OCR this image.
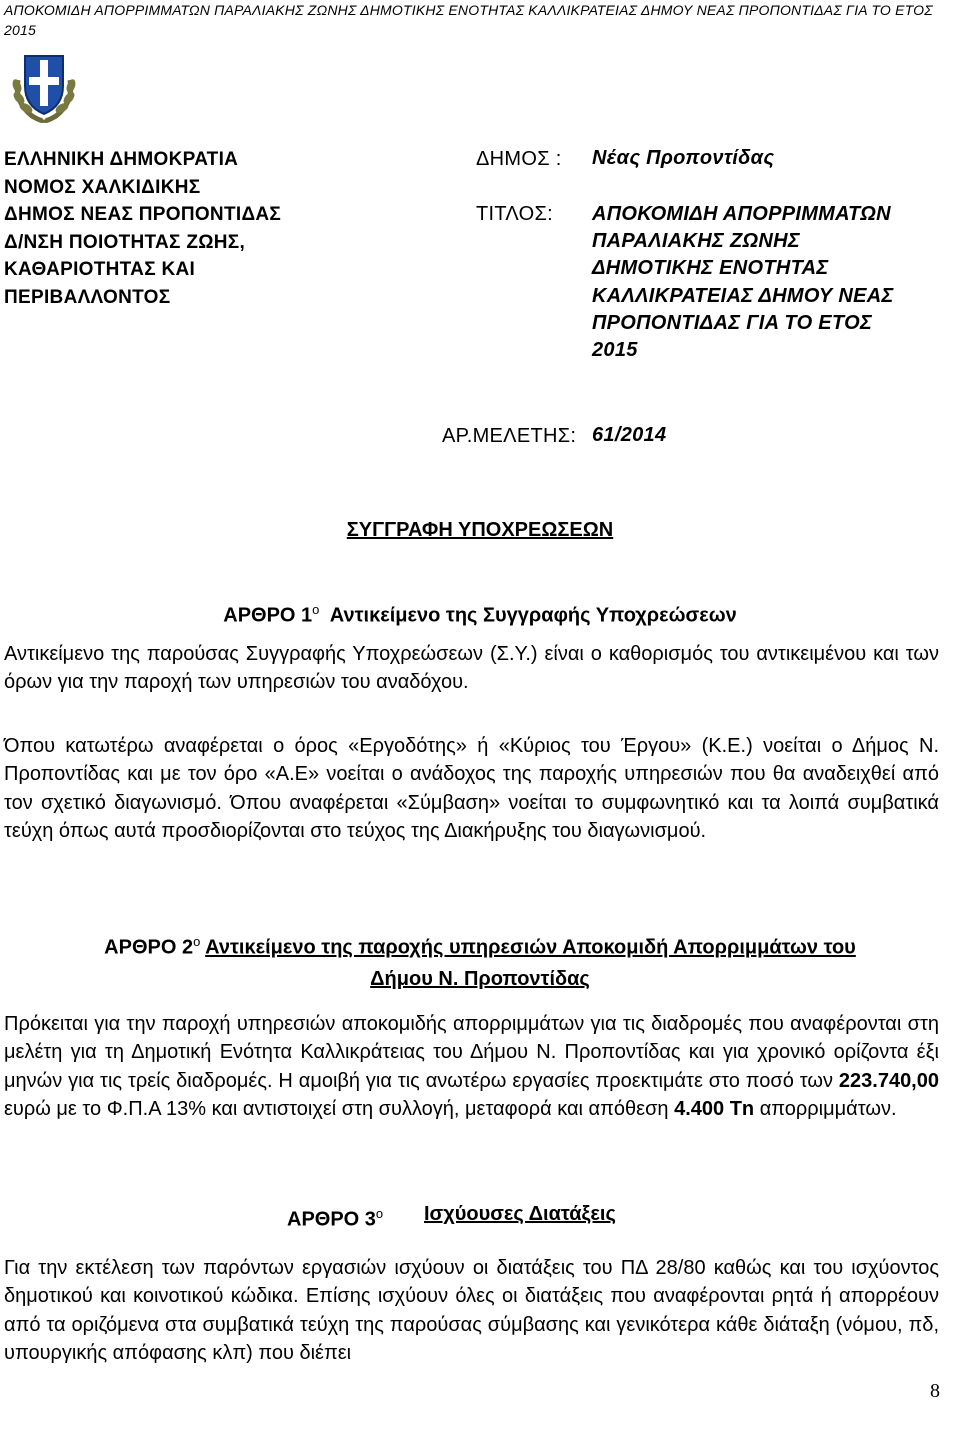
ΑΠΟΚΟΜΙΔΗ ΑΠΟΡΡΙΜΜΑΤΩΝ ΠΑΡΑΛΙΑΚΗΣ ΖΩΝΗΣ ΔΗΜΟΤΙΚΗΣ ΕΝΟΤΗΤΑΣ ΚΑΛΛΙΚΡΑΤΕΙΑΣ ΔΗΜΟΥ ΝΕΑΣ ΠΡΟΠΟΝΤΙΔΑΣ ΓΙΑ ΤΟ ΕΤΟΣ 2015
ΕΛΛΗΝΙΚΗ ΔΗΜΟΚΡΑΤΙΑ
ΝΟΜΟΣ ΧΑΛΚΙΔΙΚΗΣ
ΔΗΜΟΣ ΝΕΑΣ ΠΡΟΠΟΝΤΙΔΑΣ
Δ/ΝΣΗ ΠΟΙΟΤΗΤΑΣ ΖΩΗΣ,
ΚΑΘΑΡΙΟΤΗΤΑΣ ΚΑΙ
ΠΕΡΙΒΑΛΛΟΝΤΟΣ
ΔΗΜΟΣ : Νέας Προποντίδας
ΤΙΤΛΟΣ: ΑΠΟΚΟΜΙΔΗ ΑΠΟΡΡΙΜΜΑΤΩΝ
ΠΑΡΑΛΙΑΚΗΣ ΖΩΝΗΣ
ΔΗΜΟΤΙΚΗΣ ΕΝΟΤΗΤΑΣ
ΚΑΛΛΙΚΡΑΤΕΙΑΣ ΔΗΜΟΥ ΝΕΑΣ
ΠΡΟΠΟΝΤΙΔΑΣ ΓΙΑ ΤΟ ΕΤΟΣ
2015
ΑΡ.ΜΕΛΕΤΗΣ: 61/2014
ΣΥΓΓΡΑΦΗ ΥΠΟΧΡΕΩΣΕΩΝ
ΑΡΘΡΟ $1^o$ Αντικείμενο της Συγγραφής Υποχρεώσεων

Αντικείμενο της παρούσας Συγγραφής Υποχρεώσεων (Σ.Υ.) είναι ο καθορισμός του αντικειμένου και των όρων για την παροχή των υπηρεσιών του αναδόχου.

Όπου κατωτέρω αναφέρεται ο όρος «Εργοδότης» ή «Κύριος του Έργου» (Κ.Ε.) νοείται ο Δήμος Ν. Προποντίδας και με τον όρο «Α.Ε» νοείται ο ανάδοχος της παροχής υπηρεσιών που θα αναδειχθεί από τον σχετικό διαγωνισμό. Όπου αναφέρεται «Σύμβαση» νοείται το συμφωνητικό και τα λοιπά συμβατικά τεύχη όπως αυτά προσδιορίζονται στο τεύχος της Διακήρυξης του διαγωνισμού.

ΑΡΘΡΟ $2^o$ Αντικείμενο της παροχής υπηρεσιών Αποκομιδή Απορριμμάτων του
Δήμου Ν. Προποντίδας

Πρόκειται για την παροχή υπηρεσιών αποκομιδής απορριμμάτων για τις διαδρομές που αναφέρονται στη μελέτη για τη Δημοτική Ενότητα Καλλικράτειας του Δήμου Ν. Προποντίδας και για χρονικό ορίζοντα έξι μηνών για τις τρείς διαδρομές. Η αμοιβή για τις ανωτέρω εργασίες προεκτιμάτε στο ποσό των 223.740,00 ευρώ με το Φ.Π.Α 13% και αντιστοιχεί στη συλλογή, μεταφορά και απόθεση 4.400 Tn απορριμμάτων.

ΑΡΘΡΟ $3^o$ Ισχύουσες Διατάξεις

Για την εκτέλεση των παρόντων εργασιών ισχύουν οι διατάξεις του ΠΔ 28/80 καθώς και του ισχύοντος δημοτικού και κοινοτικού κώδικα. Επίσης ισχύουν όλες οι διατάξεις που αναφέρονται ρητά ή απορρέουν από τα οριζόμενα στα συμβατικά τεύχη της παρούσας σύμβασης και γενικότερα κάθε διάταξη (νόμου, πδ, υπουργικής απόφασης κλπ) που διέπει

8
